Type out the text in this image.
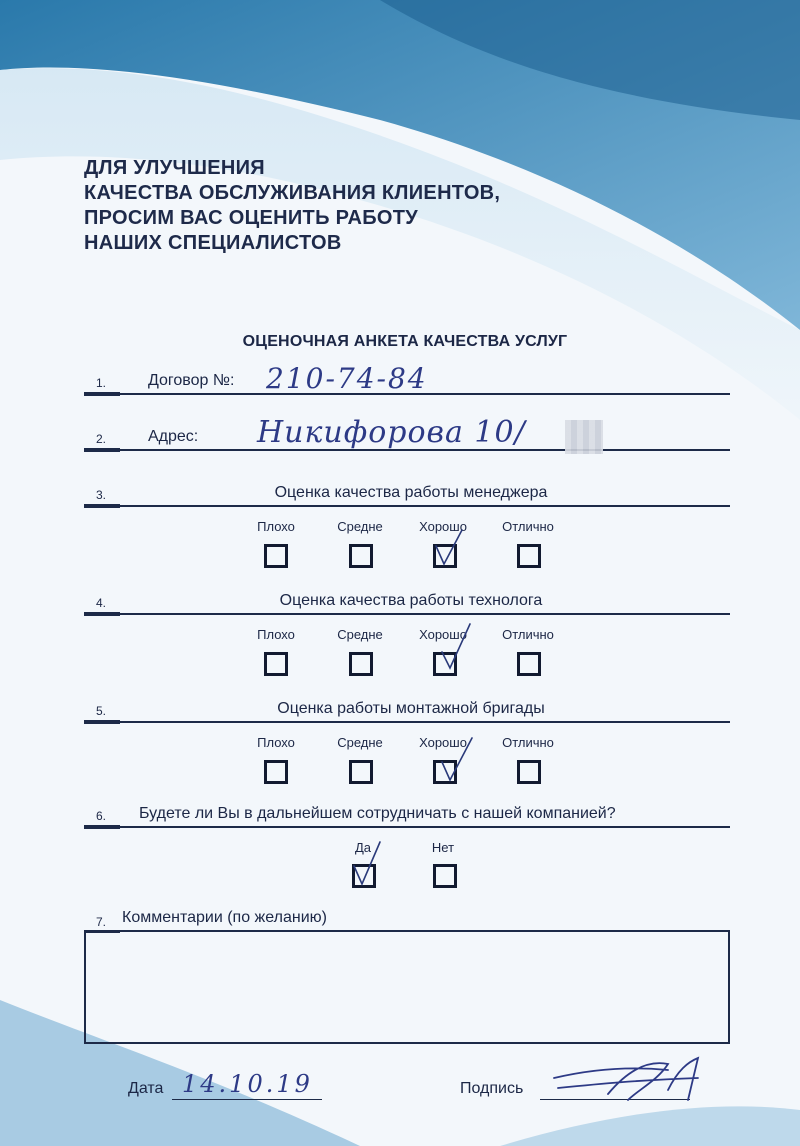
ДЛЯ УЛУЧШЕНИЯ
КАЧЕСТВА ОБСЛУЖИВАНИЯ КЛИЕНТОВ,
ПРОСИМ ВАС ОЦЕНИТЬ РАБОТУ
НАШИХ СПЕЦИАЛИСТОВ
ОЦЕНОЧНАЯ АНКЕТА КАЧЕСТВА УСЛУГ
1.	Договор №: 210-74-84
2.	Адрес: Никифорова 10/
3.	Оценка качества работы менеджера
Плохо	Средне	Хорошо	Отлично
4.	Оценка качества работы технолога
Плохо	Средне	Хорошо	Отлично
5.	Оценка работы монтажной бригады
Плохо	Средне	Хорошо	Отлично
6.	Будете ли Вы в дальнейшем сотрудничать с нашей компанией?
Да	Нет
7. Комментарии (по желанию)
Дата 14.10.19	Подпись
